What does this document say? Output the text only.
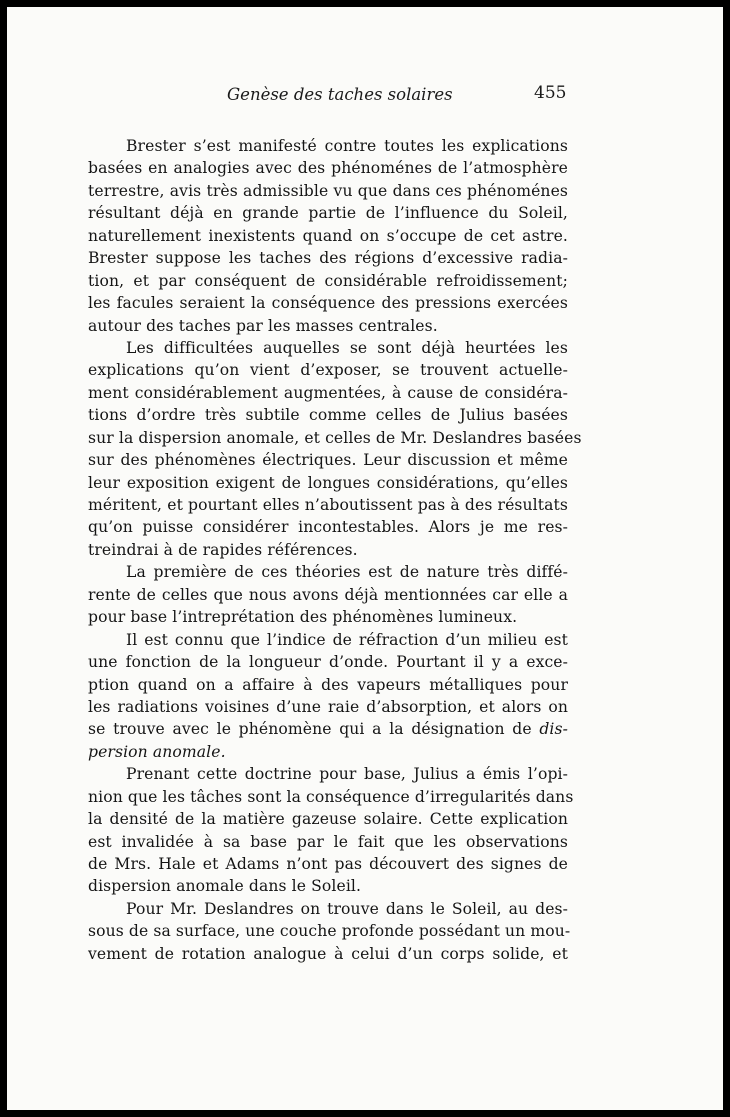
Genèse des taches solaires	455
Brester s’est manifesté contre toutes les explications
basées en analogies avec des phénoménes de l’atmosphère
terrestre, avis très admissible vu que dans ces phénoménes
résultant déjà en grande partie de l’influence du Soleil,
naturellement inexistents quand on s’occupe de cet astre.
Brester suppose les taches des régions d’excessive radia-
tion, et par conséquent de considérable refroidissement;
les facules seraient la conséquence des pressions exercées
autour des taches par les masses centrales.
Les difficultées auquelles se sont déjà heurtées les
explications qu’on vient d’exposer, se trouvent actuelle-
ment considérablement augmentées, à cause de considéra-
tions d’ordre très subtile comme celles de Julius basées
sur la dispersion anomale, et celles de Mr. Deslandres basées
sur des phénomènes électriques. Leur discussion et même
leur exposition exigent de longues considérations, qu’elles
méritent, et pourtant elles n’aboutissent pas à des résultats
qu’on puisse considérer incontestables. Alors je me res-
treindrai à de rapides références.
La première de ces théories est de nature très diffé-
rente de celles que nous avons déjà mentionnées car elle a
pour base l’intreprétation des phénomènes lumineux.
Il est connu que l’indice de réfraction d’un milieu est
une fonction de la longueur d’onde. Pourtant il y a exce-
ption quand on a affaire à des vapeurs métalliques pour
les radiations voisines d’une raie d’absorption, et alors on
se trouve avec le phénomène qui a la désignation de dis-
persion anomale.
Prenant cette doctrine pour base, Julius a émis l’opi-
nion que les tâches sont la conséquence d’irregularités dans
la densité de la matière gazeuse solaire. Cette explication
est invalidée à sa base par le fait que les observations
de Mrs. Hale et Adams n’ont pas découvert des signes de
dispersion anomale dans le Soleil.
Pour Mr. Deslandres on trouve dans le Soleil, au des-
sous de sa surface, une couche profonde possédant un mou-
vement de rotation analogue à celui d’un corps solide, et
